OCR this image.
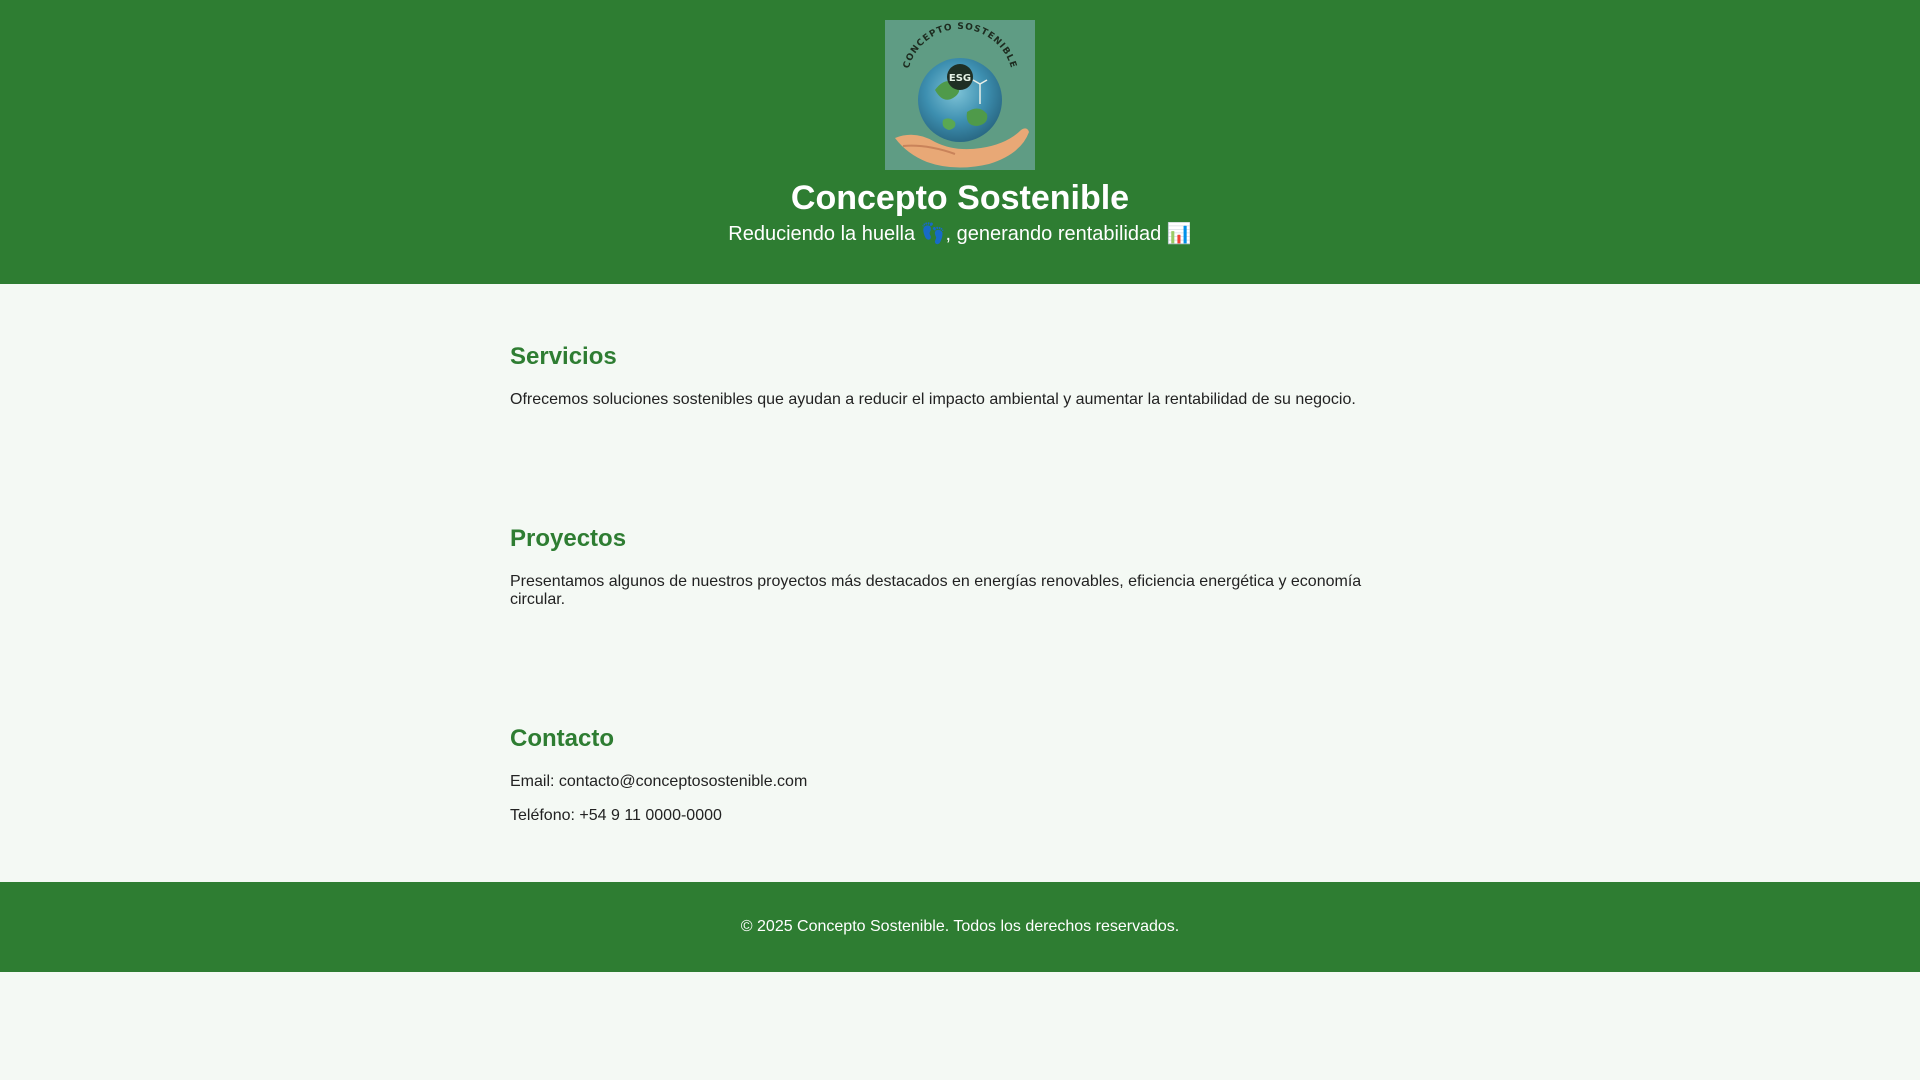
CONCEPTO SOSTENIBLE
ESG
Concepto Sostenible

Reduciendo la huella 👣, generando rentabilidad 📊

Servicios

Ofrecemos soluciones sostenibles que ayudan a reducir el impacto ambiental y aumentar la rentabilidad de su negocio.

Proyectos

Presentamos algunos de nuestros proyectos más destacados en energías renovables, eficiencia energética y economía circular.

Contacto

Email: contacto@conceptosostenible.com

Teléfono: +54 9 11 0000-0000

© 2025 Concepto Sostenible. Todos los derechos reservados.
